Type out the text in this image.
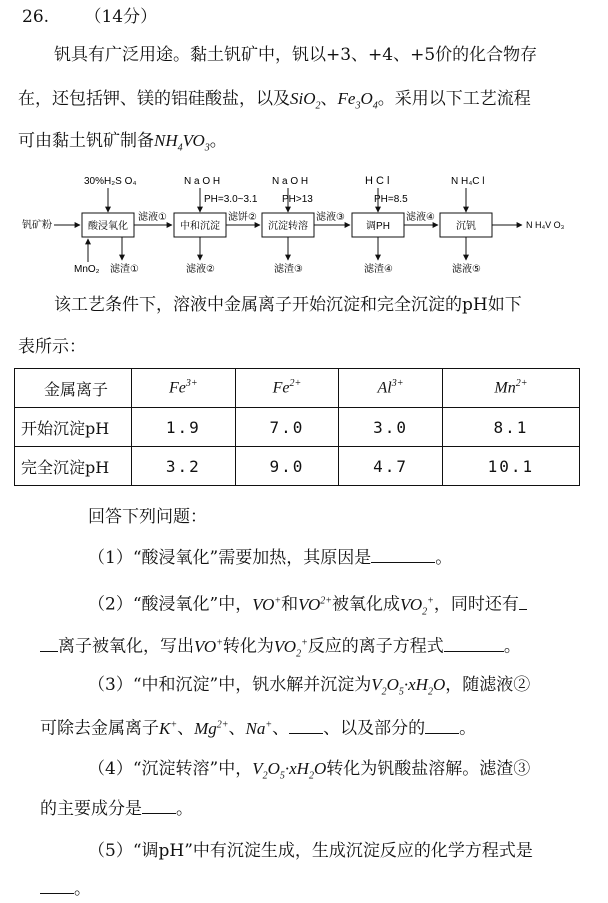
26. （14分）
钒具有广泛用途。黏土钒矿中，钒以+3、+4、+5价的化合物存
在，还包括钾、镁的铝硅酸盐，以及SiO$_2$、$Fe_3O_4$。采用以下工艺流程
可由黏土钒矿制备$NH_4VO_3$。
30%H₂S O₄	N a O H	N a O H	H C l	N H₄C l
PH=3.0~3.1 PH>13	PH=8.5
钒矿粉	酸浸氧化	中和沉淀	沉淀转溶	调PH	沉钒
滤液①	滤饼②	滤液③	滤液④
N H₄V O₃
MnO₂ 滤渣①	滤液②	滤渣③	滤渣④	滤液⑤
该工艺条件下，溶液中金属离子开始沉淀和完全沉淀的pH如下
表所示：
金属离子	$Fe^{3+}$	$Fe^{2+}$	$Al^{3+}$	$Mn^{2+}$
开始沉淀pH	1.9	7.0	3.0	8.1
完全沉淀pH	3.2	9.0	4.7	10.1
回答下列问题：
（1）“酸浸氧化”需要加热，其原因是	。
（2）“酸浸氧化”中，VO+和$VO^{2+}$被氧化成$VO_2^+$，同时还有
离子被氧化，写出VO+转化为$VO_2^+$反应的离子方程式	。
（3）“中和沉淀”中，钒水解并沉淀为$V_2O_5\cdot xH_2O$，随滤液②
可除去金属离子K+、$Mg^{2+}$、Na+、 、以及部分的 。
（4）“沉淀转溶”中，$V_2O_5\cdot xH_2O$转化为钒酸盐溶解。滤渣③
的主要成分是 。
（5）“调pH”中有沉淀生成，生成沉淀反应的化学方程式是
。
